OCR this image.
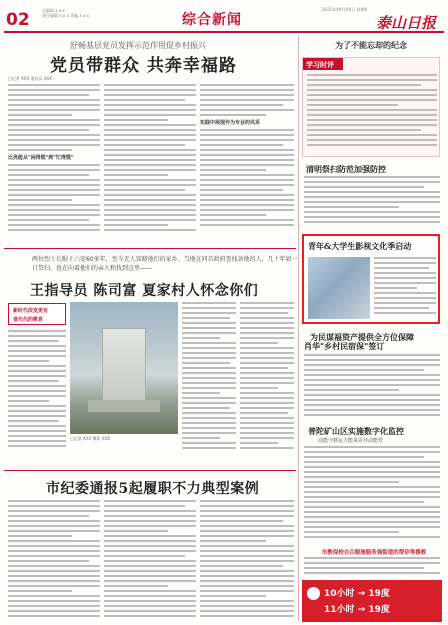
02	总编辑 x x x
责任编辑 x x x 美编 x x x	综合新闻
2021年XX月XX日 星期X
泰山日报
舒畅基层党员发挥示范作用促乡村振兴
党员带群众 共奔幸福路
□记者 XXX 通讯员 XXX
比亮能从"闲得慌"到"忙得慌"
实践中展现作为专业的风采
两位烈士长眠于六安60多年，至今无人知晓他们的家乡。当地在同首政府查找各地的人，几十年如一日祭扫，也在向着他们的亲人和找到这里——
王指导员 陈司富 夏家村人怀念你们
新时代改变更有
谁代代的教育
□记者 XXX 摄影 XXX
市纪委通报5起履职不力典型案例
为了不能忘却的纪念
学习时评
清明祭扫防范加强防控
青年&大学生影视文化季启动
为民谋福资产提供全方位保障
肖华"乡村民宿保"签订
普陀矿山区实施数字化监控
动能守移运力能来差异动能管
市教保校自合服施服务强街道的帮诊等援救
10小时 → 19度
11小时 → 19度
